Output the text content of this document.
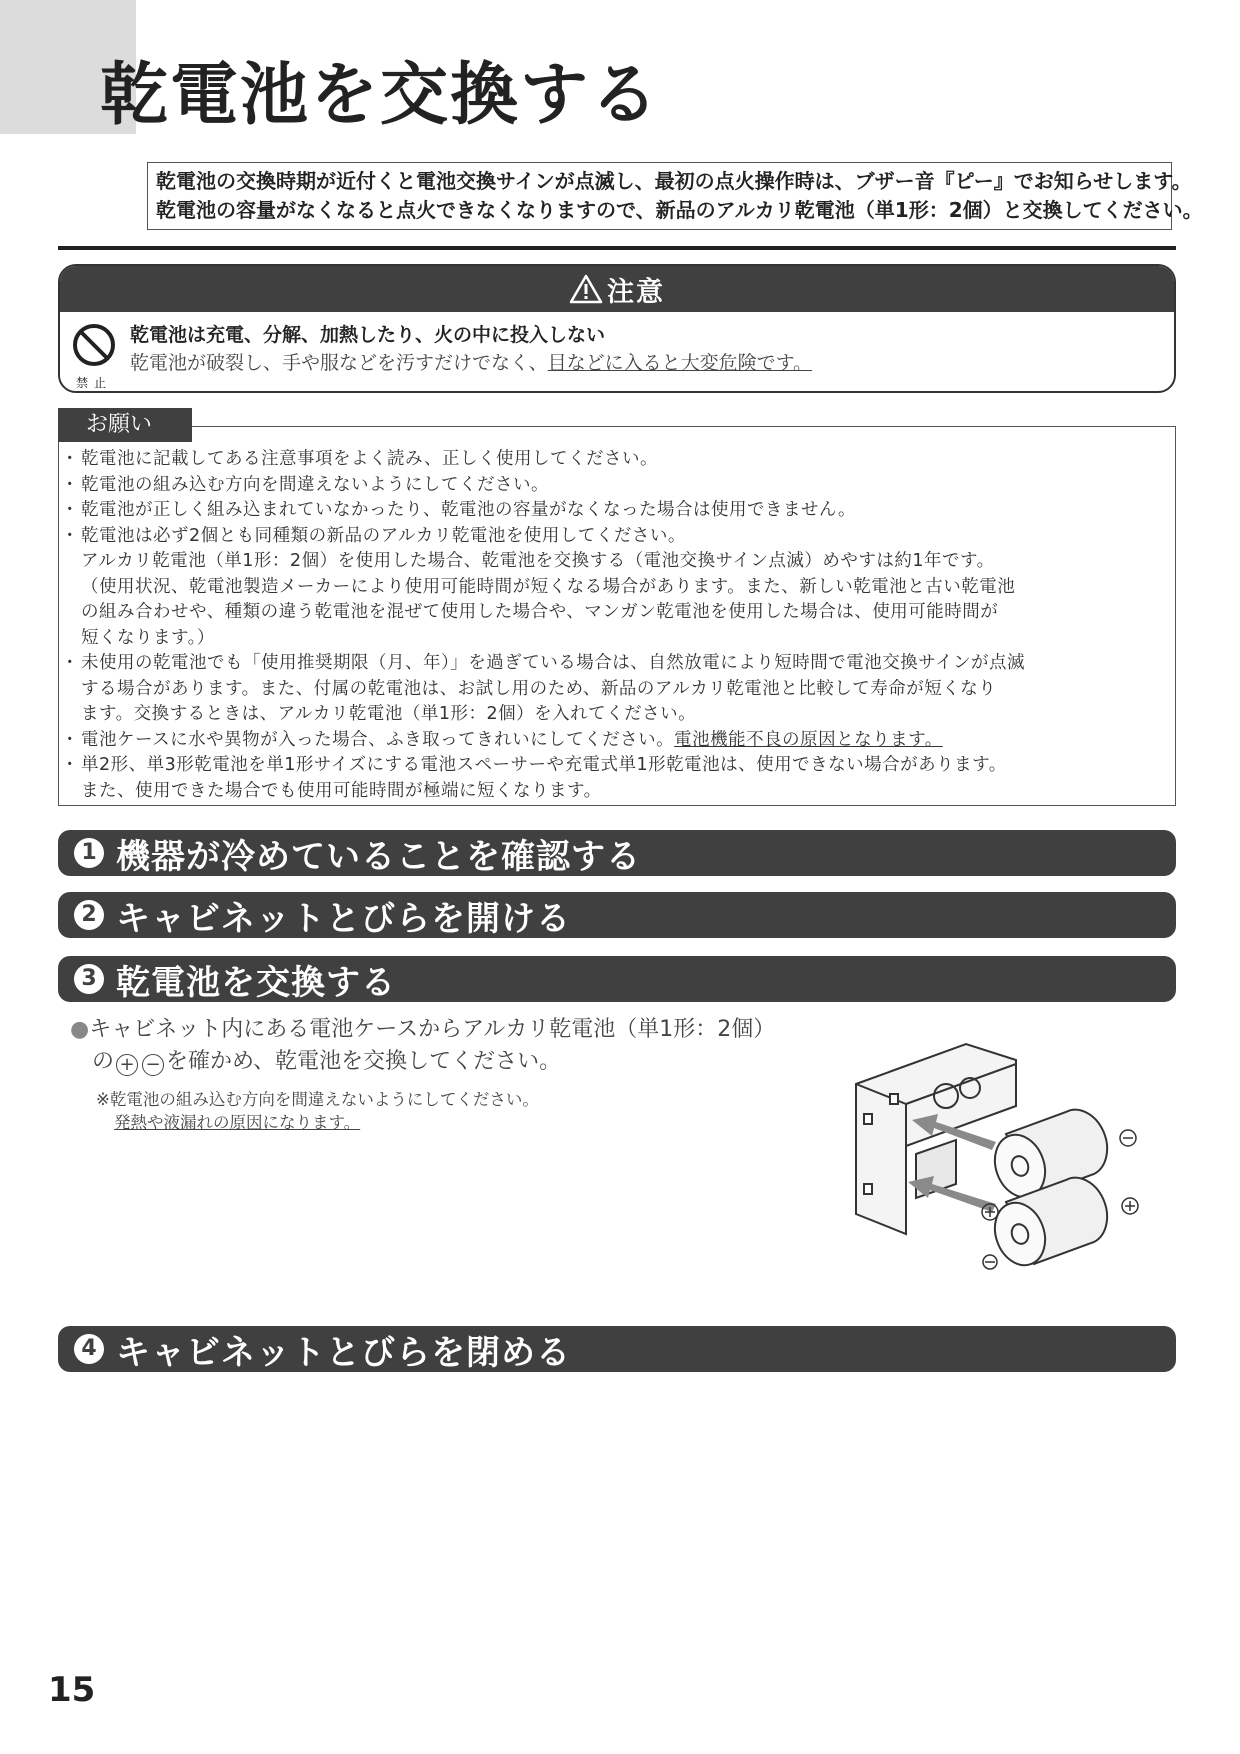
乾電池を交換する

乾電池の交換時期が近付くと電池交換サインが点滅し、最初の点火操作時は、ブザー音『ピー』でお知らせします。

乾電池の容量がなくなると点火できなくなりますので、新品のアルカリ乾電池（単1形：2個）と交換してください。

注意
禁止
乾電池は充電、分解、加熱したり、火の中に投入しない
乾電池が破裂し、手や服などを汚すだけでなく、目などに入ると大変危険です。
・ 乾電池に記載してある注意事項をよく読み、正しく使用してください。
・ 乾電池の組み込む方向を間違えないようにしてください。
・ 乾電池が正しく組み込まれていなかったり、乾電池の容量がなくなった場合は使用できません。
・ 乾電池は必ず2個とも同種類の新品のアルカリ乾電池を使用してください。
アルカリ乾電池（単1形：2個）を使用した場合、乾電池を交換する（電池交換サイン点滅）めやすは約1年です。
（使用状況、乾電池製造メーカーにより使用可能時間が短くなる場合があります。また、新しい乾電池と古い乾電池
の組み合わせや、種類の違う乾電池を混ぜて使用した場合や、マンガン乾電池を使用した場合は、使用可能時間が
短くなります。）
・ 未使用の乾電池でも「使用推奨期限（月、年）」を過ぎている場合は、自然放電により短時間で電池交換サインが点滅
する場合があります。また、付属の乾電池は、お試し用のため、新品のアルカリ乾電池と比較して寿命が短くなり
ます。交換するときは、アルカリ乾電池（単1形：2個）を入れてください。
・ 電池ケースに水や異物が入った場合、ふき取ってきれいにしてください。電池機能不良の原因となります。
・ 単2形、単3形乾電池を単1形サイズにする電池スペーサーや充電式単1形乾電池は、使用できない場合があります。
また、使用できた場合でも使用可能時間が極端に短くなります。
お願い
1 機器が冷めていることを確認する
2 キャビネットとびらを開ける
3 乾電池を交換する
●キャビネット内にある電池ケースからアルカリ乾電池（単1形：2個）
の + − を確かめ、乾電池を交換してください。
※乾電池の組み込む方向を間違えないようにしてください。
発熱や液漏れの原因になります。
4 キャビネットとびらを閉める
15
